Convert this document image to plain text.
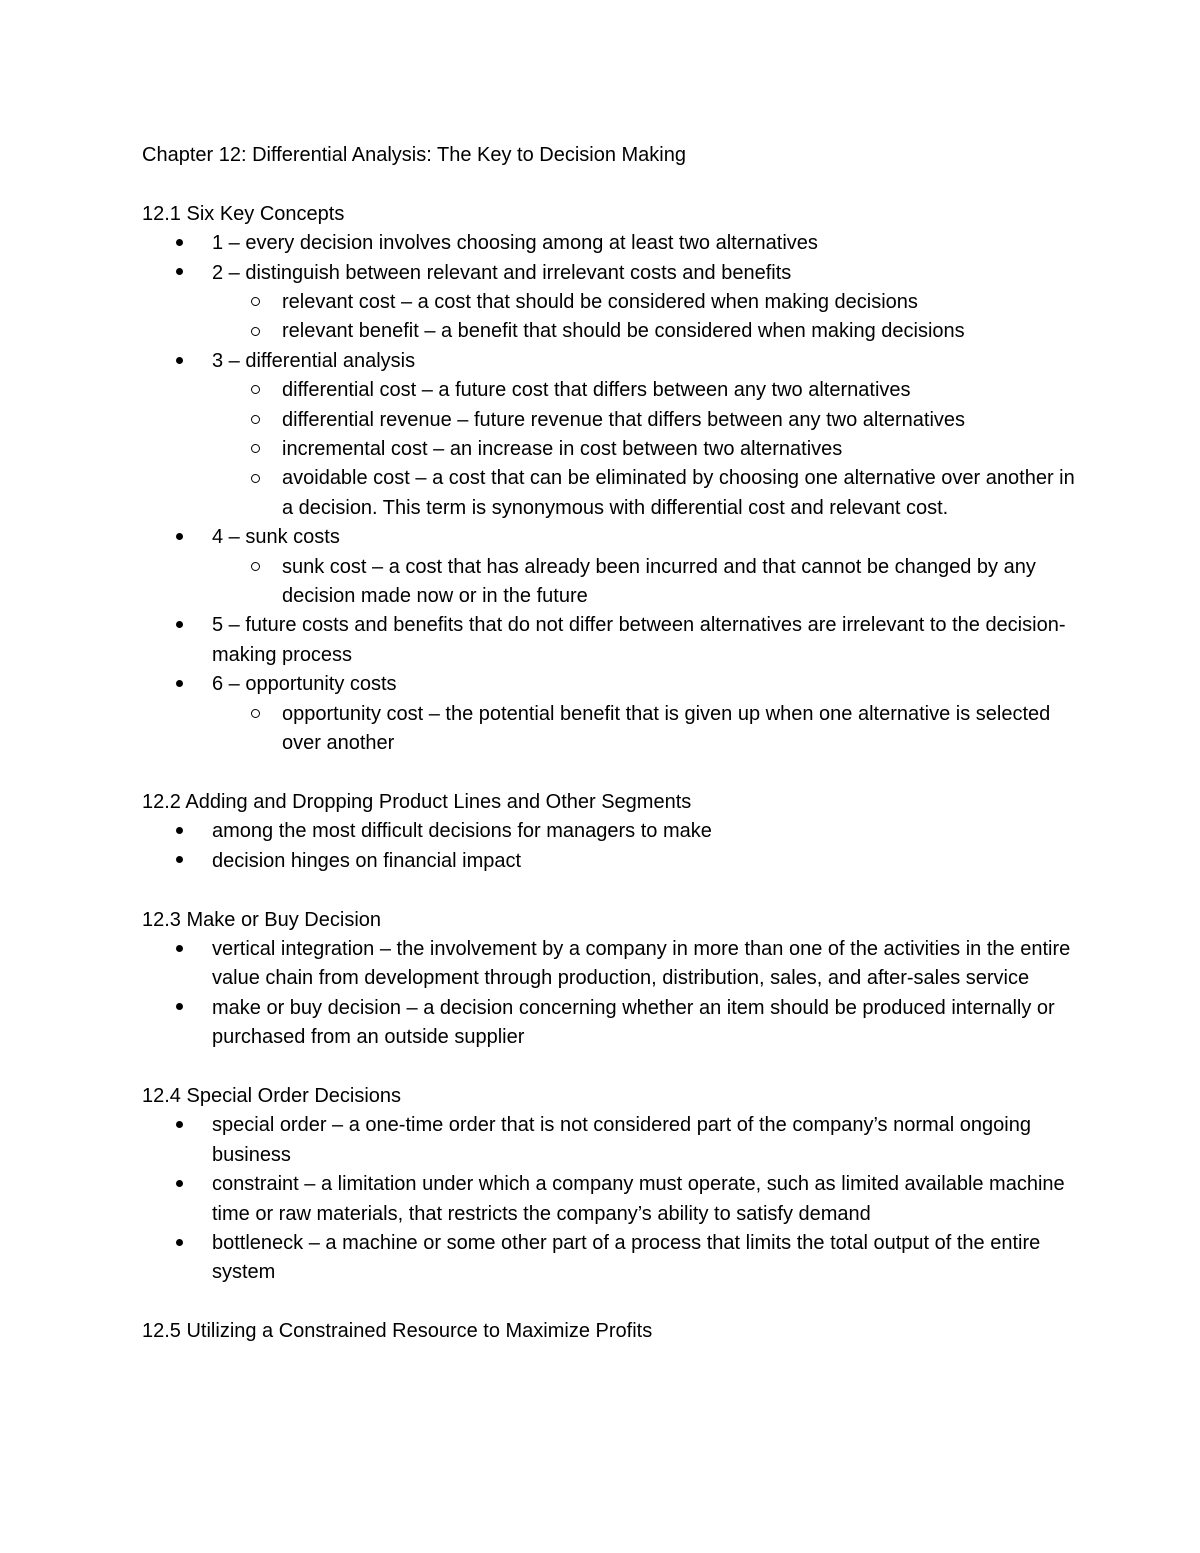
Chapter 12: Differential Analysis: The Key to Decision Making

12.1 Six Key Concepts

1 – every decision involves choosing among at least two alternatives
2 – distinguish between relevant and irrelevant costs and benefits
relevant cost – a cost that should be considered when making decisions
relevant benefit – a benefit that should be considered when making decisions
3 – differential analysis
differential cost – a future cost that differs between any two alternatives
differential revenue – future revenue that differs between any two alternatives
incremental cost – an increase in cost between two alternatives
avoidable cost – a cost that can be eliminated by choosing one alternative over another in a decision. This term is synonymous with differential cost and relevant cost.
4 – sunk costs
sunk cost – a cost that has already been incurred and that cannot be changed by any decision made now or in the future
5 – future costs and benefits that do not differ between alternatives are irrelevant to the decision-making process
6 – opportunity costs
opportunity cost – the potential benefit that is given up when one alternative is selected over another

12.2 Adding and Dropping Product Lines and Other Segments

among the most difficult decisions for managers to make
decision hinges on financial impact

12.3 Make or Buy Decision

vertical integration – the involvement by a company in more than one of the activities in the entire value chain from development through production, distribution, sales, and after-sales service
make or buy decision – a decision concerning whether an item should be produced internally or purchased from an outside supplier

12.4 Special Order Decisions

special order – a one-time order that is not considered part of the company’s normal ongoing business
constraint – a limitation under which a company must operate, such as limited available machine time or raw materials, that restricts the company’s ability to satisfy demand
bottleneck – a machine or some other part of a process that limits the total output of the entire system

12.5 Utilizing a Constrained Resource to Maximize Profits
